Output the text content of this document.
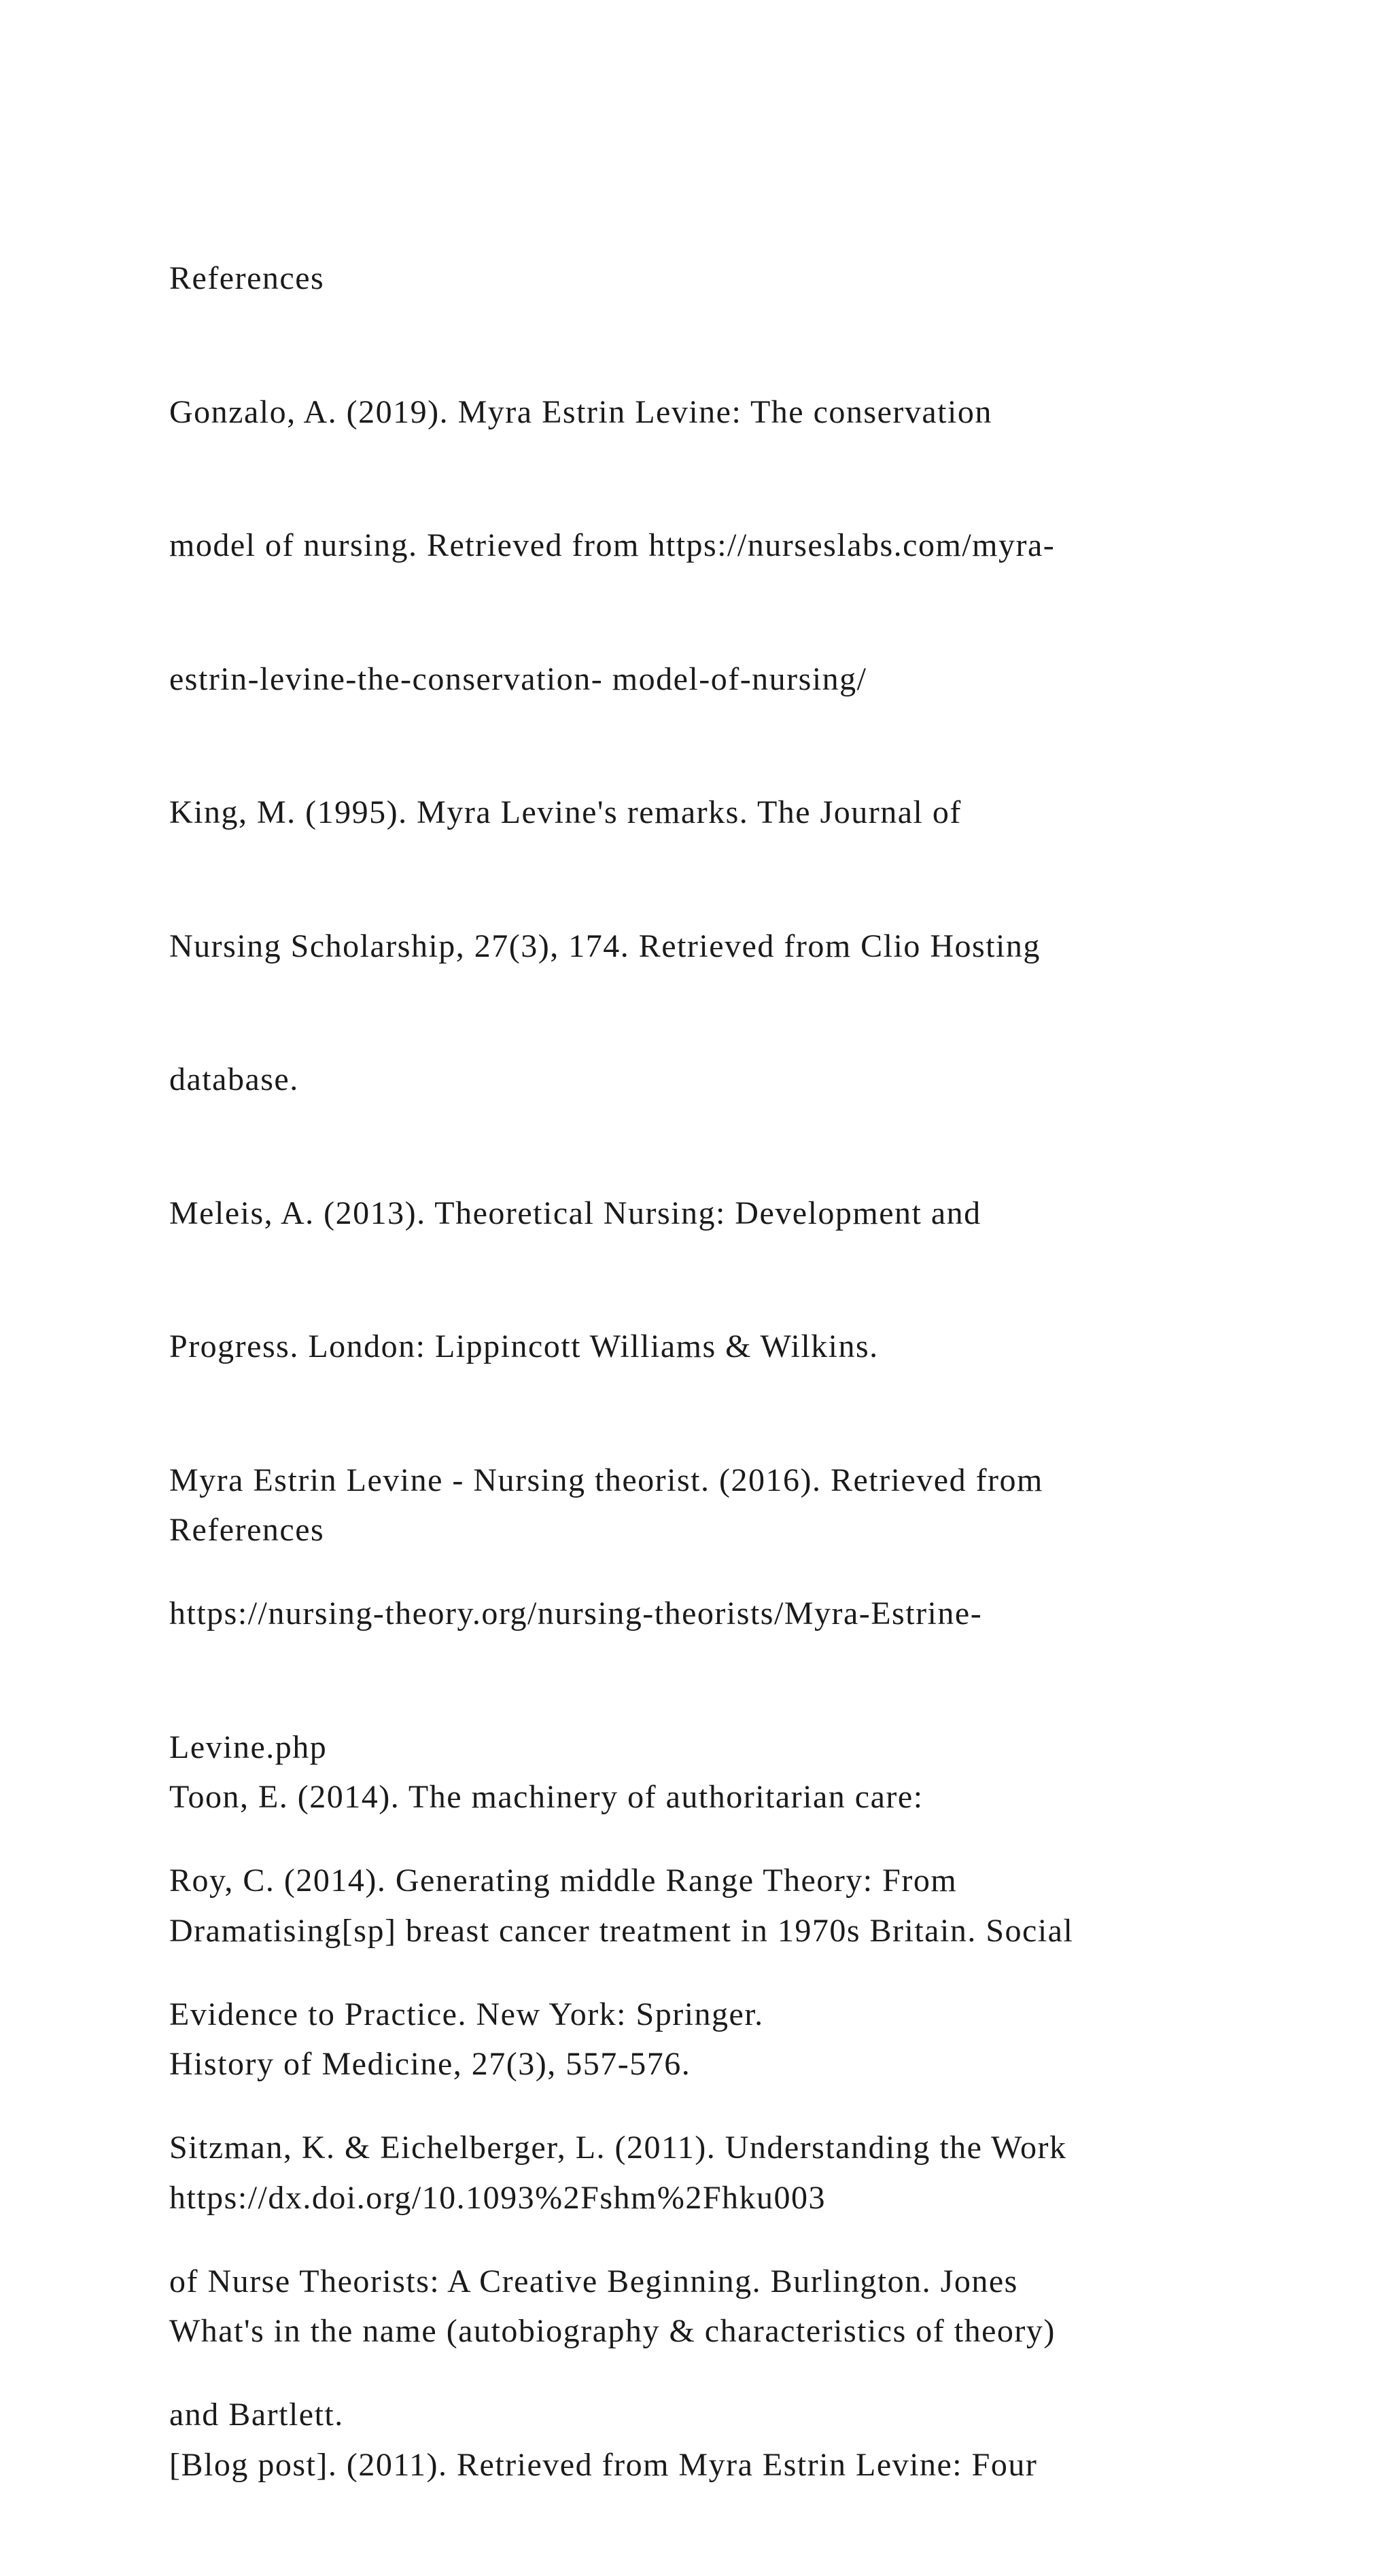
References

Gonzalo, A. (2019). Myra Estrin Levine: The conservation

model of nursing. Retrieved from https://nurseslabs.com/myra-

estrin-levine-the-conservation- model-of-nursing/

King, M. (1995). Myra Levine's remarks. The Journal of

Nursing Scholarship, 27(3), 174. Retrieved from Clio Hosting

database.

Meleis, A. (2013). Theoretical Nursing: Development and

Progress. London: Lippincott Williams & Wilkins.

Myra Estrin Levine - Nursing theorist. (2016). Retrieved from

https://nursing-theory.org/nursing-theorists/Myra-Estrine-

Levine.php

Roy, C. (2014). Generating middle Range Theory: From

Evidence to Practice. New York: Springer.

Sitzman, K. & Eichelberger, L. (2011). Understanding the Work

of Nurse Theorists: A Creative Beginning. Burlington. Jones

and Bartlett.

References

Toon, E. (2014). The machinery of authoritarian care:

Dramatising[sp] breast cancer treatment in 1970s Britain. Social

History of Medicine, 27(3), 557-576.

https://dx.doi.org/10.1093%2Fshm%2Fhku003

What's in the name (autobiography & characteristics of theory)

[Blog post]. (2011). Retrieved from Myra Estrin Levine: Four
